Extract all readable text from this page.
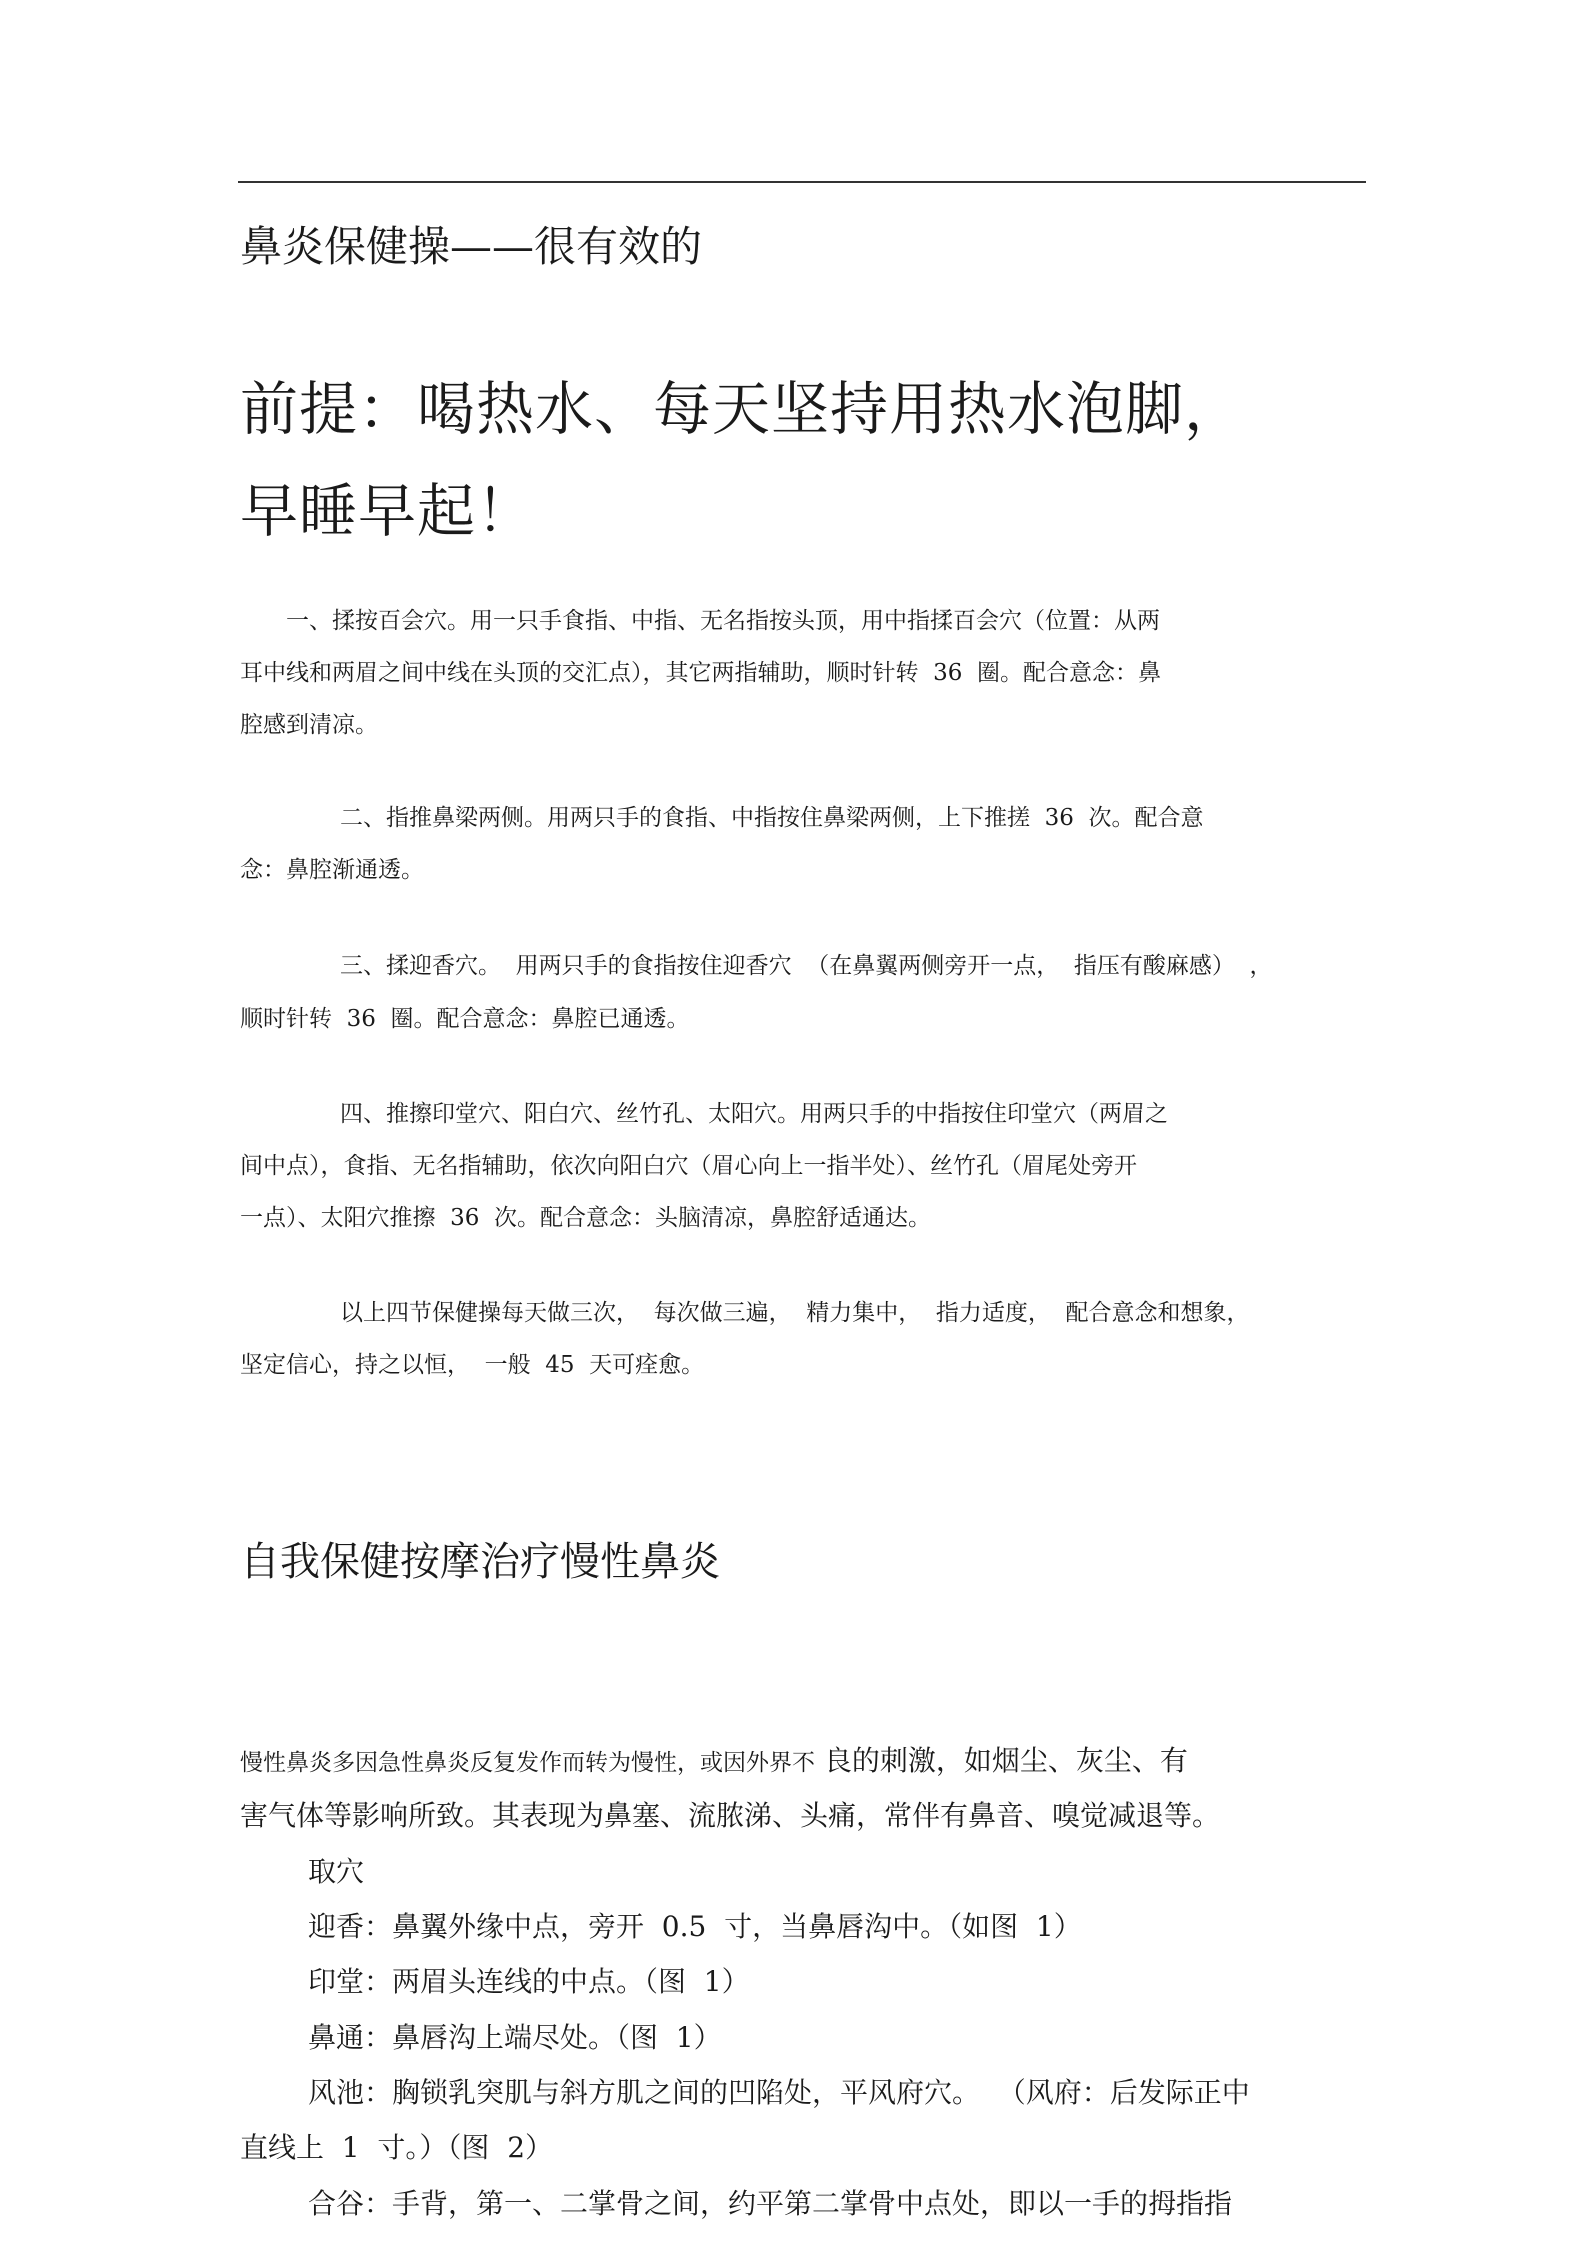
鼻炎保健操——很有效的
前提：喝热水、每天坚持用热水泡脚，
早睡早起！
一、揉按百会穴。用一只手食指、中指、无名指按头顶，用中指揉百会穴（位置：从两
耳中线和两眉之间中线在头顶的交汇点），其它两指辅助，顺时针转  36  圈。配合意念：鼻
腔感到清凉。
二、指推鼻梁两侧。用两只手的食指、中指按住鼻梁两侧，上下推搓  36  次。配合意
念：鼻腔渐通透。
三、揉迎香穴。  用两只手的食指按住迎香穴  （在鼻翼两侧旁开一点，  指压有酸麻感）  ，
顺时针转  36  圈。配合意念：鼻腔已通透。
四、推擦印堂穴、阳白穴、丝竹孔、太阳穴。用两只手的中指按住印堂穴（两眉之
间中点），食指、无名指辅助，依次向阳白穴（眉心向上一指半处）、丝竹孔（眉尾处旁开
一点）、太阳穴推擦  36  次。配合意念：头脑清凉，鼻腔舒适通达。
以上四节保健操每天做三次，  每次做三遍，  精力集中，  指力适度，  配合意念和想象，
坚定信心，持之以恒，  一般  45  天可痊愈。
自我保健按摩治疗慢性鼻炎
慢性鼻炎多因急性鼻炎反复发作而转为慢性，或因外界不 良的刺激，如烟尘、灰尘、有
害气体等影响所致。其表现为鼻塞、流脓涕、头痛，常伴有鼻音、嗅觉减退等。
取穴
迎香：鼻翼外缘中点，旁开  0.5  寸，当鼻唇沟中。（如图  1）
印堂：两眉头连线的中点。（图  1）
鼻通：鼻唇沟上端尽处。（图  1）
风池：胸锁乳突肌与斜方肌之间的凹陷处，平风府穴。  （风府：后发际正中
直线上  1  寸。）（图  2）
合谷：手背，第一、二掌骨之间，约平第二掌骨中点处，即以一手的拇指指
